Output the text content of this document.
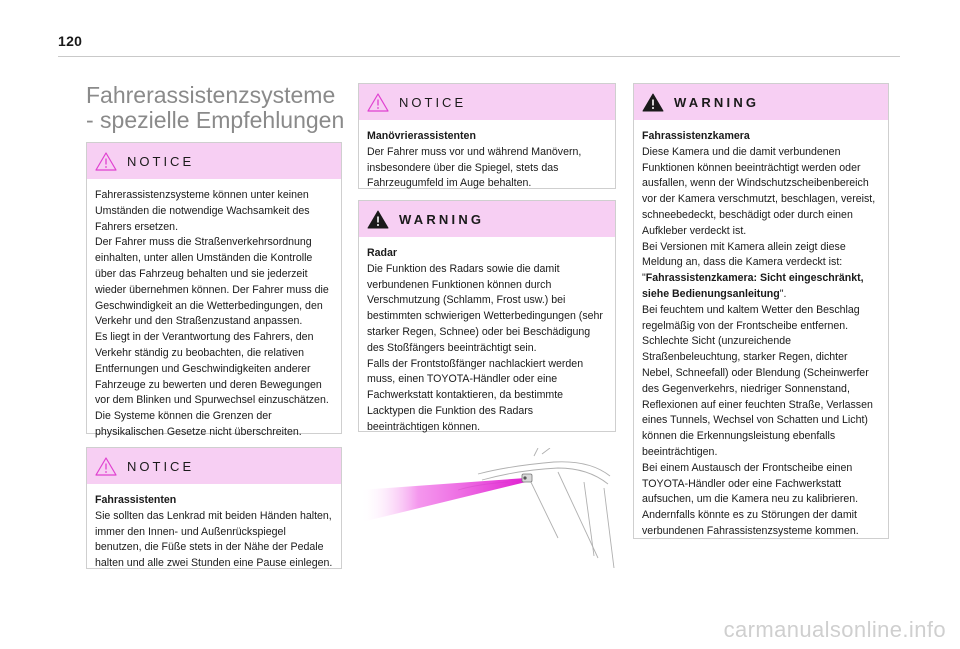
120
Fahrerassistenzsysteme - spezielle Empfehlungen
NOTICE

Fahrerassistenzsysteme können unter keinen Umständen die notwendige Wachsamkeit des Fahrers ersetzen.

Der Fahrer muss die Straßenverkehrsordnung einhalten, unter allen Umständen die Kontrolle über das Fahrzeug behalten und sie jederzeit wieder übernehmen können. Der Fahrer muss die Geschwindigkeit an die Wetterbedingungen, den Verkehr und den Straßenzustand anpassen.

Es liegt in der Verantwortung des Fahrers, den Verkehr ständig zu beobachten, die relativen Entfernungen und Geschwindigkeiten anderer Fahrzeuge zu bewerten und deren Bewegungen vor dem Blinken und Spurwechsel einzuschätzen.

Die Systeme können die Grenzen der physikalischen Gesetze nicht überschreiten.

NOTICE

Fahrassistenten

Sie sollten das Lenkrad mit beiden Händen halten, immer den Innen- und Außenrückspiegel benutzen, die Füße stets in der Nähe der Pedale halten und alle zwei Stunden eine Pause einlegen.

NOTICE

Manövrierassistenten

Der Fahrer muss vor und während Manövern, insbesondere über die Spiegel, stets das Fahrzeugumfeld im Auge behalten.

WARNING

Radar

Die Funktion des Radars sowie die damit verbundenen Funktionen können durch Verschmutzung (Schlamm, Frost usw.) bei bestimmten schwierigen Wetterbedingungen (sehr starker Regen, Schnee) oder bei Beschädigung des Stoßfängers beeinträchtigt sein.

Falls der Frontstoßfänger nachlackiert werden muss, einen TOYOTA-Händler oder eine Fachwerkstatt kontaktieren, da bestimmte Lacktypen die Funktion des Radars beeinträchtigen können.

WARNING

Fahrassistenzkamera

Diese Kamera und die damit verbundenen Funktionen können beeinträchtigt werden oder ausfallen, wenn der Windschutzscheibenbereich vor der Kamera verschmutzt, beschlagen, vereist, schneebedeckt, beschädigt oder durch einen Aufkleber verdeckt ist.

Bei Versionen mit Kamera allein zeigt diese Meldung an, dass die Kamera verdeckt ist: "Fahrassistenzkamera: Sicht eingeschränkt, siehe Bedienungsanleitung".

Bei feuchtem und kaltem Wetter den Beschlag regelmäßig von der Frontscheibe entfernen.

Schlechte Sicht (unzureichende Straßenbeleuchtung, starker Regen, dichter Nebel, Schneefall) oder Blendung (Scheinwerfer des Gegenverkehrs, niedriger Sonnenstand, Reflexionen auf einer feuchten Straße, Verlassen eines Tunnels, Wechsel von Schatten und Licht) können die Erkennungsleistung ebenfalls beeinträchtigen.

Bei einem Austausch der Frontscheibe einen TOYOTA-Händler oder eine Fachwerkstatt aufsuchen, um die Kamera neu zu kalibrieren. Andernfalls könnte es zu Störungen der damit verbundenen Fahrassistenzsysteme kommen.

carmanualsonline.info
